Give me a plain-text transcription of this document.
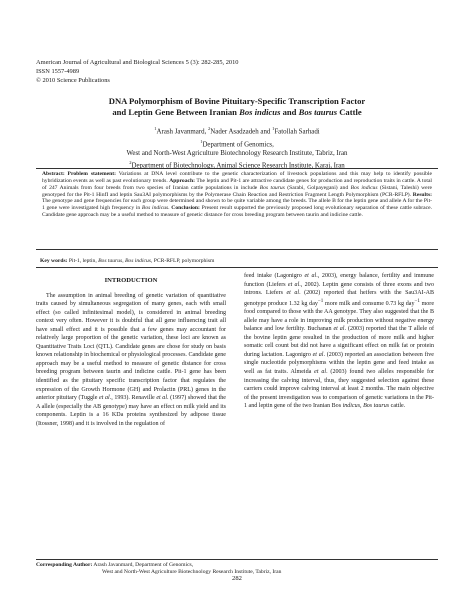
American Journal of Agricultural and Biological Sciences 5 (3): 282-285, 2010
ISSN 1557-4989
© 2010 Science Publications
DNA Polymorphism of Bovine Pituitary-Specific Transcription Factor
and Leptin Gene Between Iranian Bos indicus and Bos taurus Cattle
$^1$Arash Javanmard, $^2$Nader Asadzadeh and $^1$Fatollah Sarhadi
$^1$Department of Genomics,
West and North-West Agriculture Biotechnology Research Institute, Tabriz, Iran
$^2$Department of Biotechnology, Animal Science Research Institute, Karaj, Iran
Abstract: Problem statement: Variations at DNA level contribute to the genetic characterization of livestock populations and this may help to identify possible hybridization events as well as past evolutionary trends. Approach: The leptin and Pit-1 are attractive candidate genes for production and reproduction traits in cattle. A total of 247 Animals from four breeds from two species of Iranian cattle populations in include Bos taurus (Sarabi, Golpayegani) and Bos indicus (Sistani, Taleshi) were genotyped for the Pit-1 HinfI and leptin Sau3AI polymorphisms by the Polymerase Chain Reaction and Restriction Fragment Length Polymorphism (PCR-RFLP). Results: The genotype and gene frequencies for each group were determined and shown to be quite variable among the breeds. The allele B for the leptin gene and allele A for the Pit-1 gene were investigated high frequency in Bos indicus. Conclusion: Present result supported the previously proposed long evolutionary separation of these cattle subrace. Candidate gene approach may be a useful method to measure of genetic distance for cross breeding program between taurin and indicine cattle.
Key words: Pit-1, leptin, Bos taurus, Bos indicus, PCR-RFLP, polymorphism
INTRODUCTION
The assumption in animal breeding of genetic variation of quantitative traits caused by simultaneous segregation of many genes, each with small effect (so called infinitesimal model), is considered in animal breeding context very often. However it is doubtful that all gene influencing trait all have small effect and it is possible that a few genes may accountant for relatively large proportion of the genetic variation, these loci are known as Quantitative Traits Loci (QTL). Candidate genes are chose for study on basis known relationship in biochemical or physiological processes. Candidate gene approach may be a useful method to measure of genetic distance for cross breeding program between taurin and indicine cattle. Pit-1 gene has been identified as the pituitary specific transcription factor that regulates the expression of the Growth Hormone (GH) and Prolactin (PRL) genes in the anterior pituitary (Tuggle et al., 1993). Renaville et al. (1997) showed that the A allele (especially the AB genotype) may have an effect on milk yield and its components. Leptin is a 16 KDa proteins synthesized by adipose tissue (Itossner, 1998) and it is involved in the regulation of
feed intake (Lagonigro et al., 2003), energy balance, fertility and immune function (Liefers et al., 2002). Leptin gene consists of three exons and two introns. Liefers et al. (2002) reported that heifers with the Sau3AI-AB genotype produce 1.32 kg day$^{-1}$ more milk and consume 0.73 kg day$^{-1}$ more food compared to those with the AA genotype. They also suggested that the B allele may have a role in improving milk production without negative energy balance and low fertility. Buchanan et al. (2003) reported that the T allele of the bovine leptin gene resulted in the production of more milk and higher somatic cell count but did not have a significant effect on milk fat or protein during lactation. Lagonigro et al. (2003) reported an association between five single nucleotide polymorphisms within the leptin gene and feed intake as well as fat traits. Almeida et al. (2003) found two alleles responsible for increasing the calving interval, thus, they suggested selection against these carriers could improve calving interval at least 2 months. The main objective of the present investigation was to comparison of genetic variations in the Pit-1 and leptin gene of the two Iranian Bos indicus, Bos taurus cattle.
Corresponding Author: Arash Javanmard, Department of Genomics,
West and North-West Agriculture Biotechnology Research Institute, Tabriz, Iran
282
